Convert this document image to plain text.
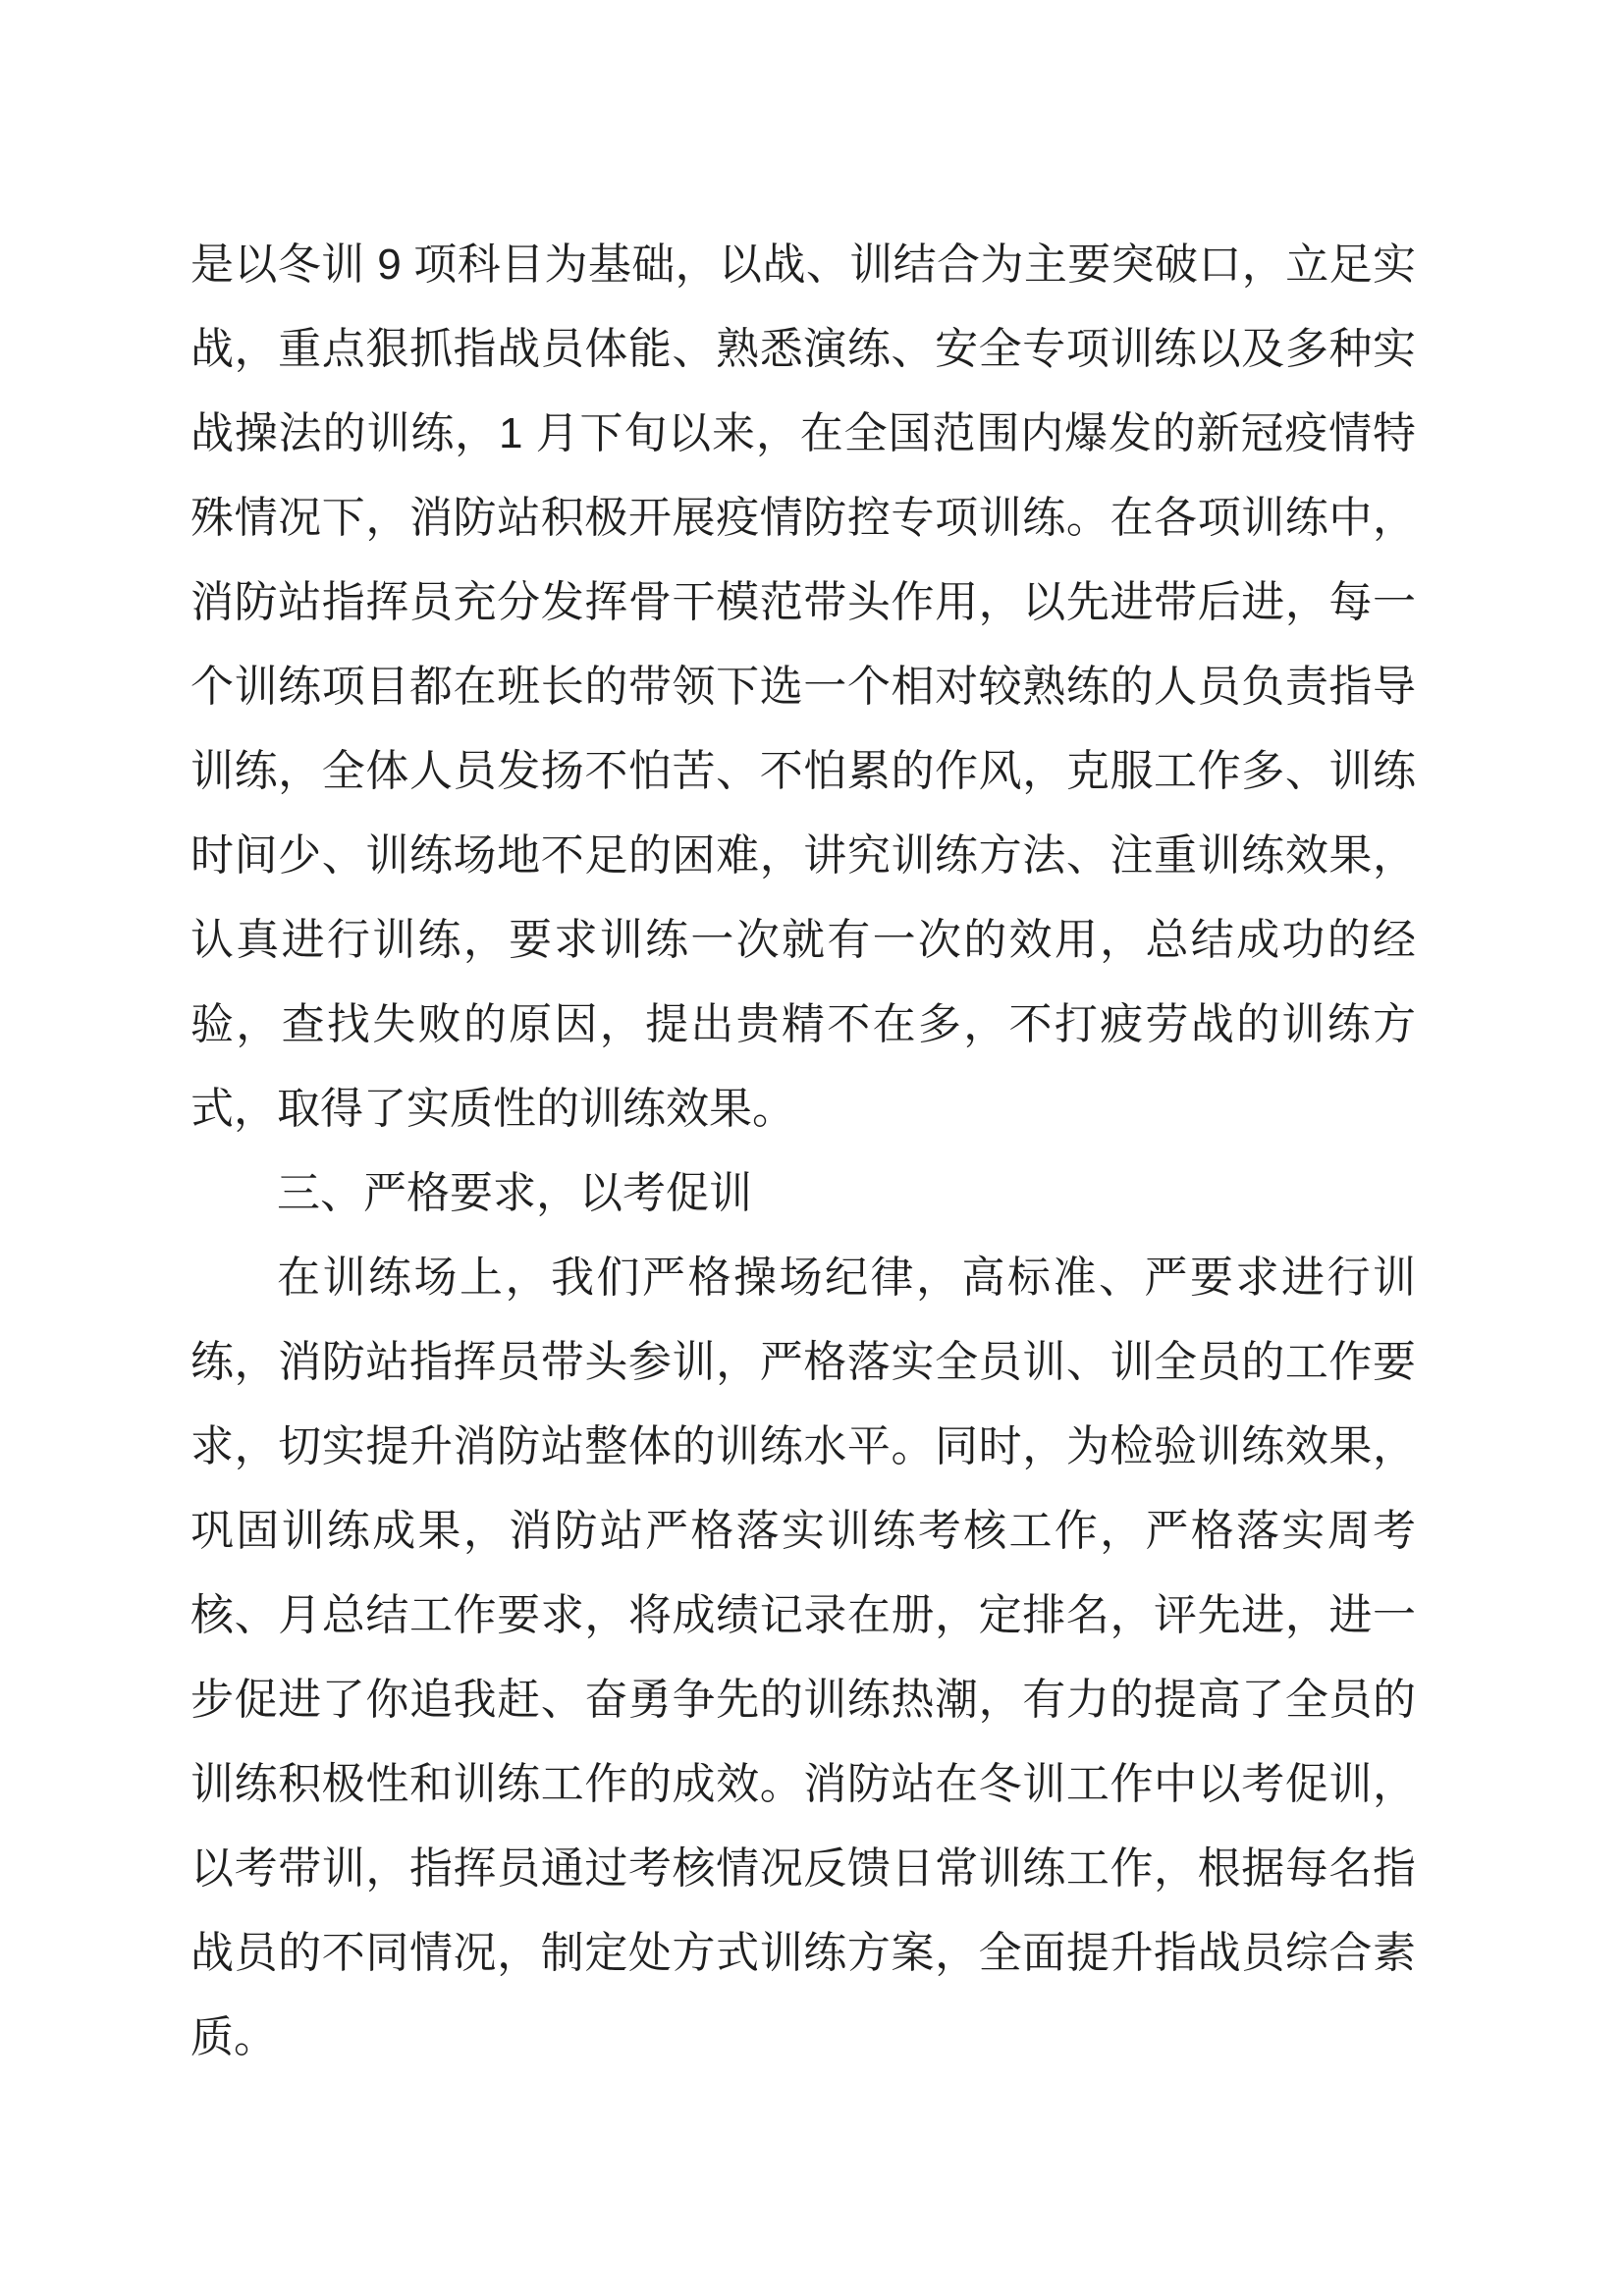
是以冬训 9 项科目为基础，以战、训结合为主要突破口，立足实
战，重点狠抓指战员体能、熟悉演练、安全专项训练以及多种实
战操法的训练，1 月下旬以来，在全国范围内爆发的新冠疫情特
殊情况下，消防站积极开展疫情防控专项训练。在各项训练中，
消防站指挥员充分发挥骨干模范带头作用，以先进带后进，每一
个训练项目都在班长的带领下选一个相对较熟练的人员负责指导
训练，全体人员发扬不怕苦、不怕累的作风，克服工作多、训练
时间少、训练场地不足的困难，讲究训练方法、注重训练效果，
认真进行训练，要求训练一次就有一次的效用，总结成功的经
验，查找失败的原因，提出贵精不在多，不打疲劳战的训练方
式，取得了实质性的训练效果。
三、严格要求，以考促训
在训练场上，我们严格操场纪律，高标准、严要求进行训
练，消防站指挥员带头参训，严格落实全员训、训全员的工作要
求，切实提升消防站整体的训练水平。同时，为检验训练效果，
巩固训练成果，消防站严格落实训练考核工作，严格落实周考
核、月总结工作要求，将成绩记录在册，定排名，评先进，进一
步促进了你追我赶、奋勇争先的训练热潮，有力的提高了全员的
训练积极性和训练工作的成效。消防站在冬训工作中以考促训，
以考带训，指挥员通过考核情况反馈日常训练工作，根据每名指
战员的不同情况，制定处方式训练方案，全面提升指战员综合素
质。
